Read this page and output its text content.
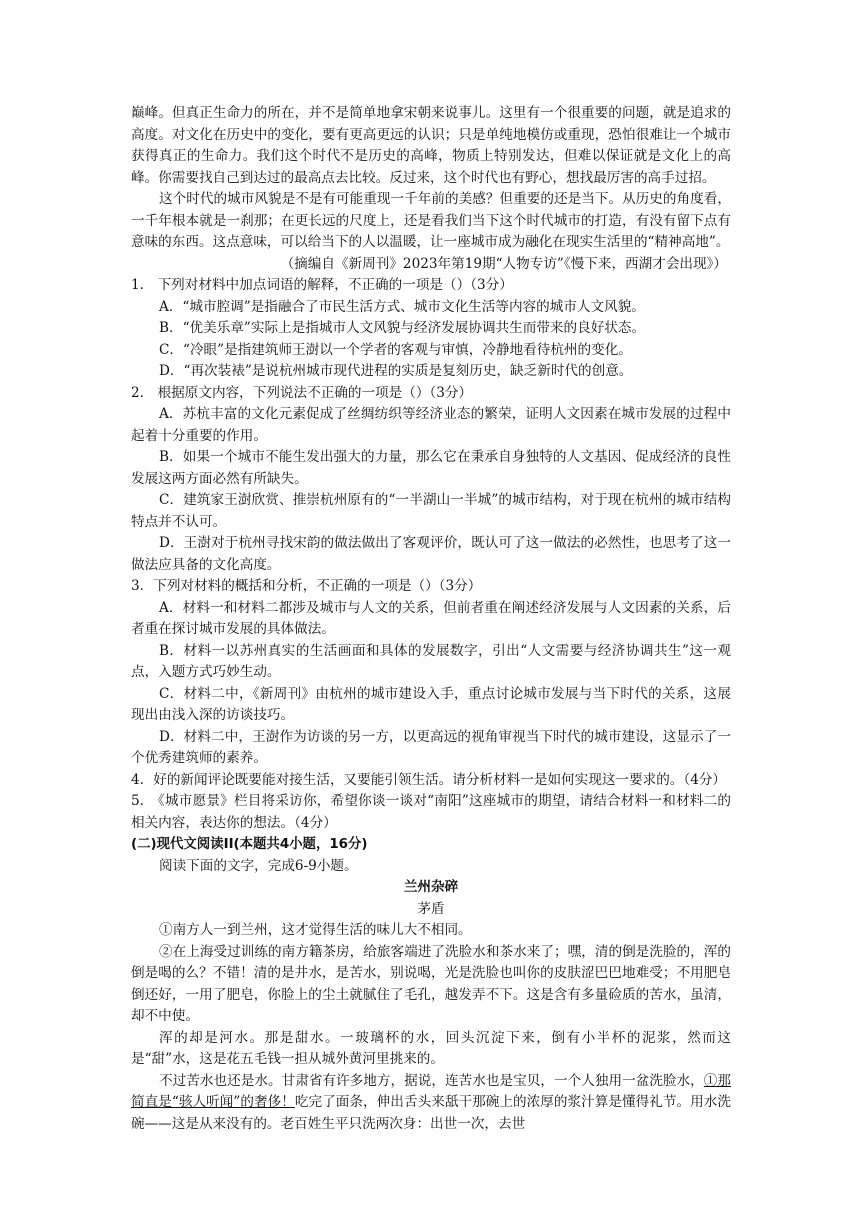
巅峰。但真正生命力的所在，并不是简单地拿宋朝来说事儿。这里有一个很重要的问题，就是追求的高度。对文化在历史中的变化，要有更高更远的认识；只是单纯地模仿或重现，恐怕很难让一个城市获得真正的生命力。我们这个时代不是历史的高峰，物质上特别发达，但难以保证就是文化上的高峰。你需要找自己到达过的最高点去比较。反过来，这个时代也有野心，想找最厉害的高手过招。

这个时代的城市风貌是不是有可能重现一千年前的美感？但重要的还是当下。从历史的角度看，一千年根本就是一刹那；在更长远的尺度上，还是看我们当下这个时代城市的打造，有没有留下点有意味的东西。这点意味，可以给当下的人以温暖，让一座城市成为融化在现实生活里的“精神高地”。

（摘编自《新周刊》2023年第19期“人物专访”《慢下来，西湖才会出现》）

1.　下列对材料中加点词语的解释，不正确的一项是（）（3分）

A．“城市腔调”是指融合了市民生活方式、城市文化生活等内容的城市人文风貌。

B．“优美乐章”实际上是指城市人文风貌与经济发展协调共生而带来的良好状态。

C．“冷眼”是指建筑师王澍以一个学者的客观与审慎，冷静地看待杭州的变化。

D．“再次装裱”是说杭州城市现代进程的实质是复刻历史，缺乏新时代的创意。

2.　根据原文内容，下列说法不正确的一项是（）（3分）

A．苏杭丰富的文化元素促成了丝绸纺织等经济业态的繁荣，证明人文因素在城市发展的过程中起着十分重要的作用。

B．如果一个城市不能生发出强大的力量，那么它在秉承自身独特的人文基因、促成经济的良性发展这两方面必然有所缺失。

C．建筑家王澍欣赏、推崇杭州原有的“一半湖山一半城”的城市结构，对于现在杭州的城市结构特点并不认可。

D．王澍对于杭州寻找宋韵的做法做出了客观评价，既认可了这一做法的必然性，也思考了这一做法应具备的文化高度。

3．下列对材料的概括和分析，不正确的一项是（）（3分）

A．材料一和材料二都涉及城市与人文的关系，但前者重在阐述经济发展与人文因素的关系，后者重在探讨城市发展的具体做法。

B．材料一以苏州真实的生活画面和具体的发展数字，引出“人文需要与经济协调共生”这一观点，入题方式巧妙生动。

C．材料二中，《新周刊》由杭州的城市建设入手，重点讨论城市发展与当下时代的关系，这展现出由浅入深的访谈技巧。

D．材料二中，王澍作为访谈的另一方，以更高远的视角审视当下时代的城市建设，这显示了一个优秀建筑师的素养。

4．好的新闻评论既要能对接生活，又要能引领生活。请分析材料一是如何实现这一要求的。（4分）

5.　《城市愿景》栏目将采访你，希望你谈一谈对“南阳”这座城市的期望，请结合材料一和材料二的相关内容，表达你的想法。（4分）

(二)现代文阅读II(本题共4小题，16分)

阅读下面的文字，完成6-9小题。

兰州杂碎

茅盾

①南方人一到兰州，这才觉得生活的味儿大不相同。

②在上海受过训练的南方籍茶房，给旅客端进了洗脸水和茶水来了；嘿，清的倒是洗脸的，浑的倒是喝的么？不错！清的是井水，是苦水，别说喝，光是洗脸也叫你的皮肤涩巴巴地难受；不用肥皂倒还好，一用了肥皂，你脸上的尘土就腻住了毛孔，越发弄不下。这是含有多量硷质的苦水，虽清，却不中使。

浑的却是河水。那是甜水。一玻璃杯的水，回头沉淀下来，倒有小半杯的泥浆，然而这是“甜”水，这是花五毛钱一担从城外黄河里挑来的。

不过苦水也还是水。甘肃省有许多地方，据说，连苦水也是宝贝，一个人独用一盆洗脸水，①那简直是“骇人听闻”的奢侈！吃完了面条，伸出舌头来舐干那碗上的浓厚的浆汁算是懂得礼节。用水洗碗——这是从来没有的。老百姓生平只洗两次身：出世一次，去世
